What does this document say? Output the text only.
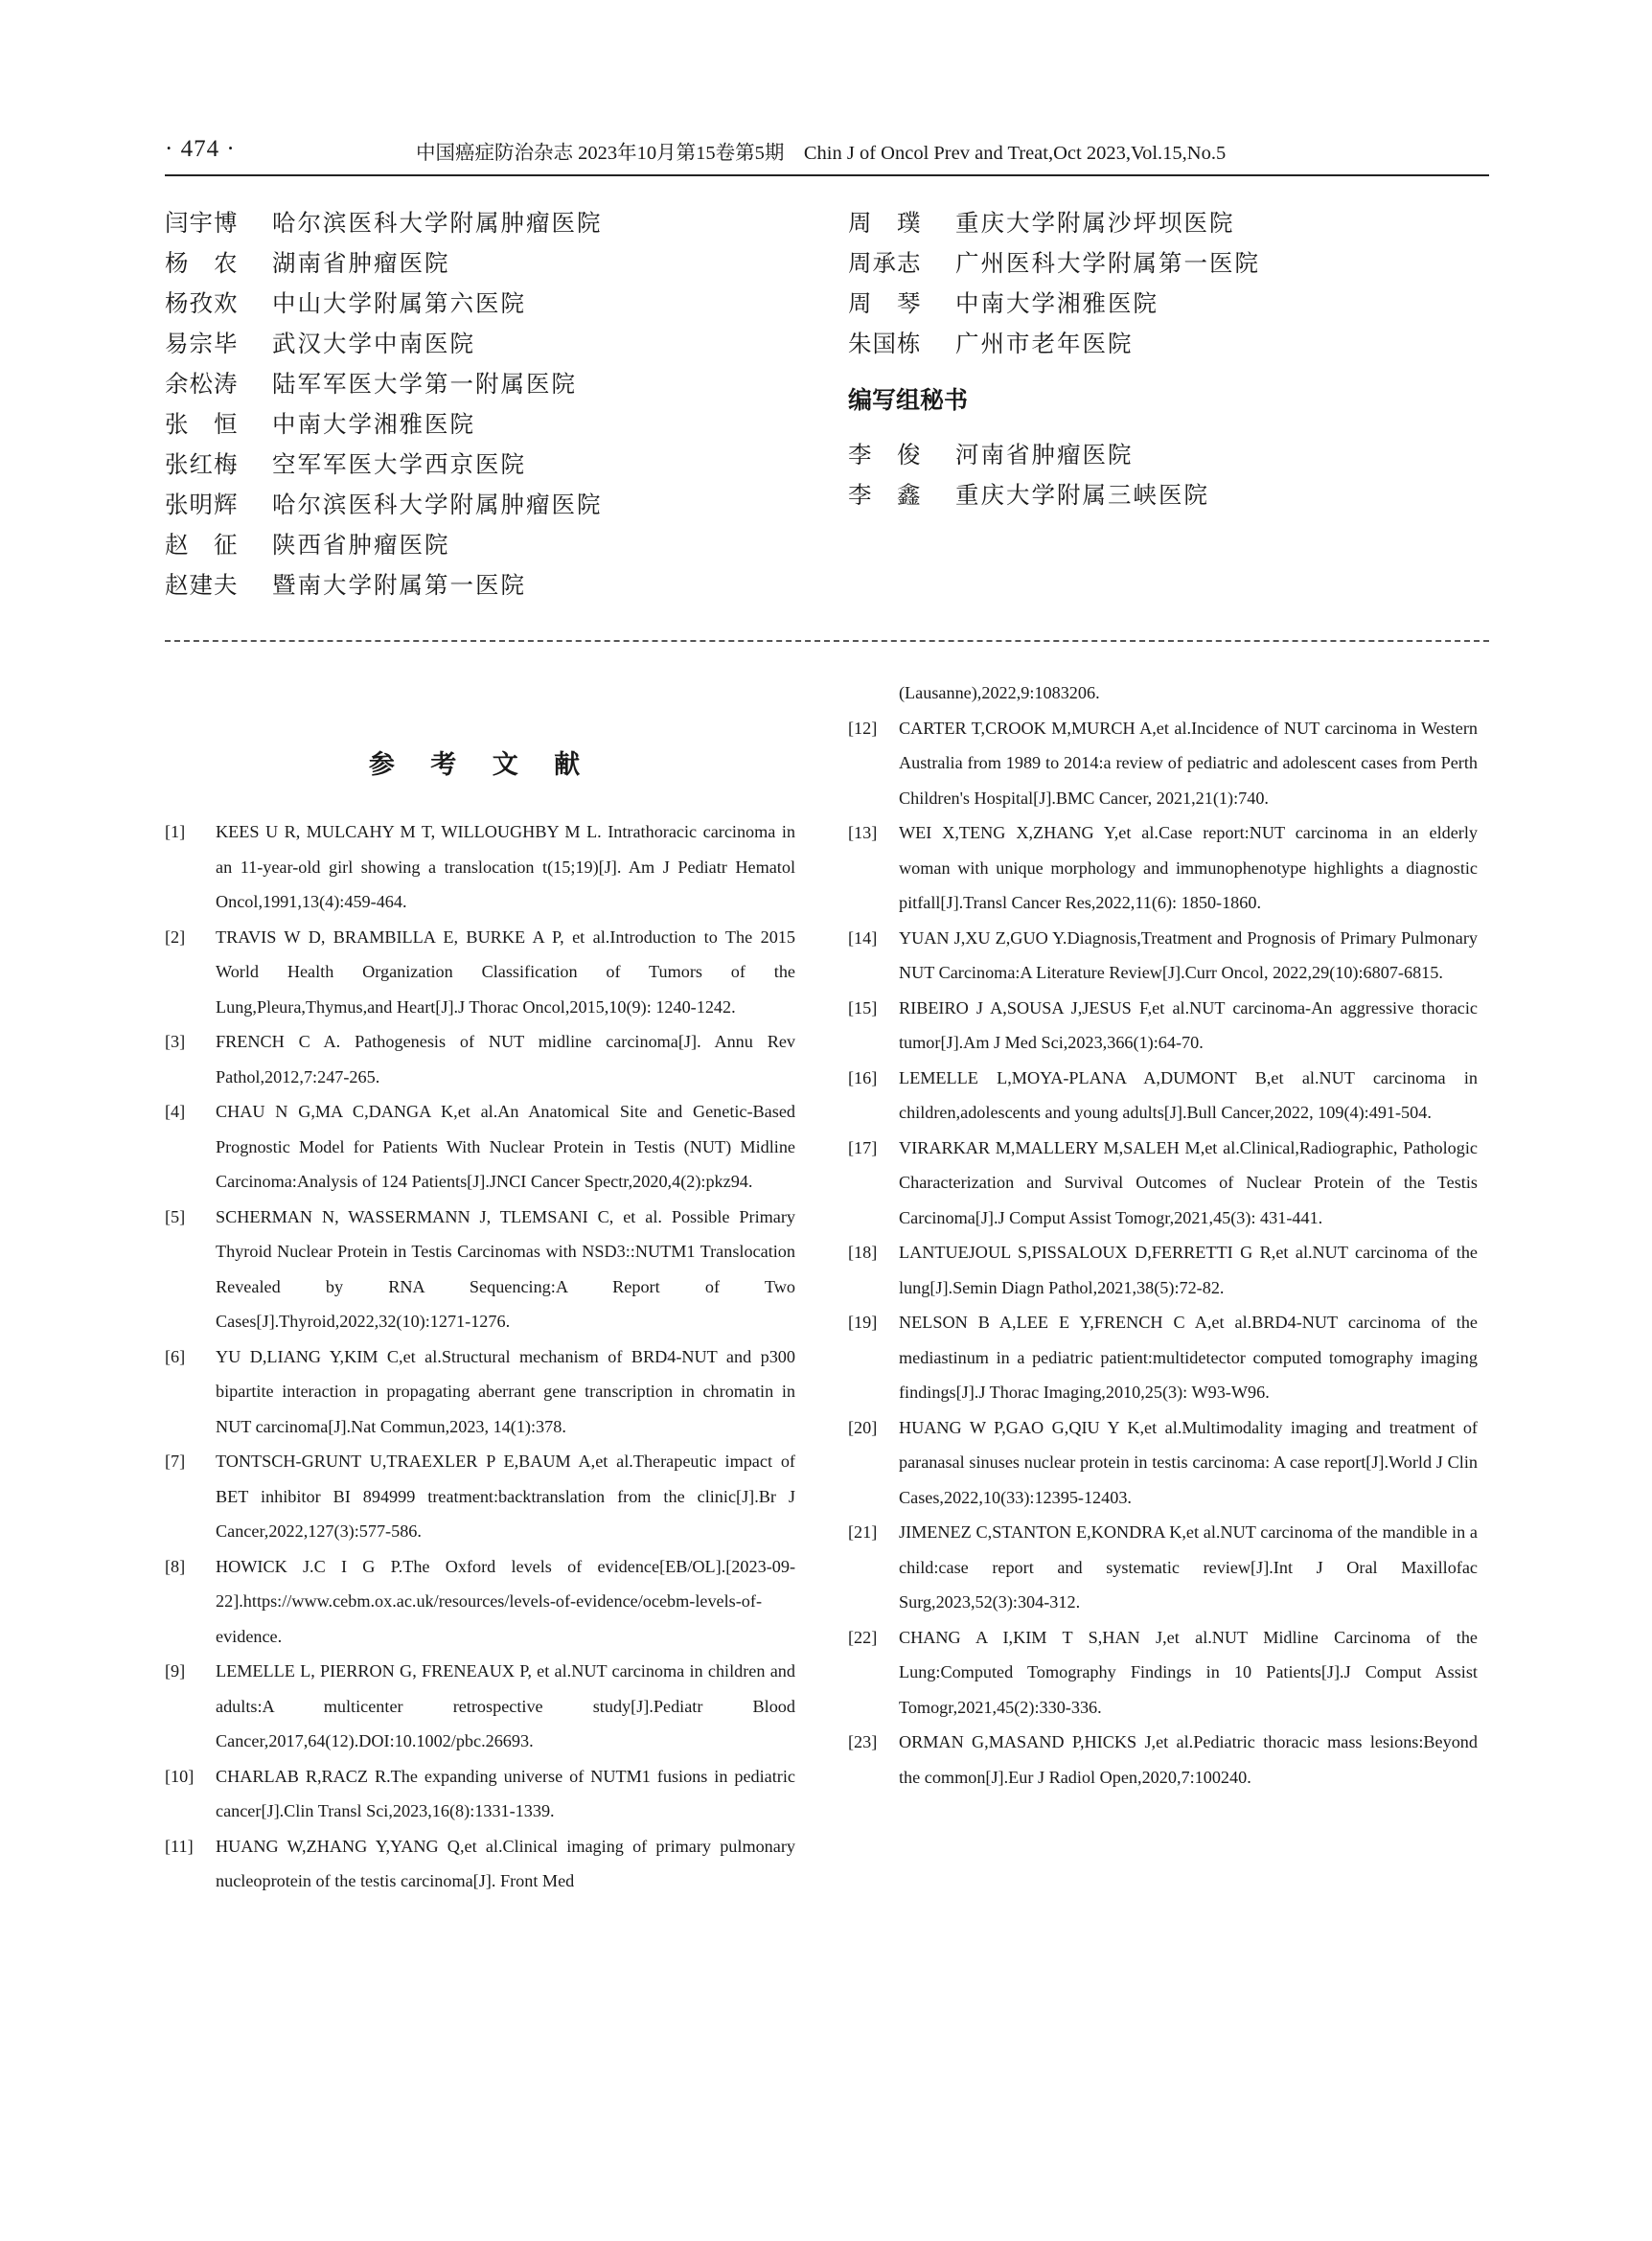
· 474 ·	中国癌症防治杂志 2023年10月第15卷第5期　Chin J of Oncol Prev and Treat,Oct 2023,Vol.15,No.5
闫宇博 哈尔滨医科大学附属肿瘤医院
杨　农 湖南省肿瘤医院
杨孜欢 中山大学附属第六医院
易宗毕 武汉大学中南医院
余松涛 陆军军医大学第一附属医院
张　恒 中南大学湘雅医院
张红梅 空军军医大学西京医院
张明辉 哈尔滨医科大学附属肿瘤医院
赵　征 陕西省肿瘤医院
赵建夫 暨南大学附属第一医院
周　璞 重庆大学附属沙坪坝医院
周承志 广州医科大学附属第一医院
周　琴 中南大学湘雅医院
朱国栋 广州市老年医院
编写组秘书
李　俊 河南省肿瘤医院
李　鑫 重庆大学附属三峡医院
参 考 文 献
[1] KEES U R, MULCAHY M T, WILLOUGHBY M L. Intrathoracic carcinoma in an 11-year-old girl showing a translocation t(15;19)[J]. Am J Pediatr Hematol Oncol,1991,13(4):459-464.
[2] TRAVIS W D, BRAMBILLA E, BURKE A P, et al.Introduction to The 2015 World Health Organization Classification of Tumors of the Lung,Pleura,Thymus,and Heart[J].J Thorac Oncol,2015,10(9): 1240-1242.
[3] FRENCH C A. Pathogenesis of NUT midline carcinoma[J]. Annu Rev Pathol,2012,7:247-265.
[4] CHAU N G,MA C,DANGA K,et al.An Anatomical Site and Genetic-Based Prognostic Model for Patients With Nuclear Protein in Testis (NUT) Midline Carcinoma:Analysis of 124 Patients[J].JNCI Cancer Spectr,2020,4(2):pkz94.
[5] SCHERMAN N, WASSERMANN J, TLEMSANI C, et al. Possible Primary Thyroid Nuclear Protein in Testis Carcinomas with NSD3::NUTM1 Translocation Revealed by RNA Sequencing:A Report of Two Cases[J].Thyroid,2022,32(10):1271-1276.
[6] YU D,LIANG Y,KIM C,et al.Structural mechanism of BRD4-NUT and p300 bipartite interaction in propagating aberrant gene transcription in chromatin in NUT carcinoma[J].Nat Commun,2023, 14(1):378.
[7] TONTSCH-GRUNT U,TRAEXLER P E,BAUM A,et al.Therapeutic impact of BET inhibitor BI 894999 treatment:backtranslation from the clinic[J].Br J Cancer,2022,127(3):577-586.
[8] HOWICK J.C I G P.The Oxford levels of evidence[EB/OL].[2023-09-22].https://www.cebm.ox.ac.uk/resources/levels-of-evidence/ocebm-levels-of-evidence.
[9] LEMELLE L, PIERRON G, FRENEAUX P, et al.NUT carcinoma in children and adults:A multicenter retrospective study[J].Pediatr Blood Cancer,2017,64(12).DOI:10.1002/pbc.26693.
[10] CHARLAB R,RACZ R.The expanding universe of NUTM1 fusions in pediatric cancer[J].Clin Transl Sci,2023,16(8):1331-1339.
[11] HUANG W,ZHANG Y,YANG Q,et al.Clinical imaging of primary pulmonary nucleoprotein of the testis carcinoma[J]. Front Med
(Lausanne),2022,9:1083206.
[12] CARTER T,CROOK M,MURCH A,et al.Incidence of NUT carcinoma in Western Australia from 1989 to 2014:a review of pediatric and adolescent cases from Perth Children's Hospital[J].BMC Cancer, 2021,21(1):740.
[13] WEI X,TENG X,ZHANG Y,et al.Case report:NUT carcinoma in an elderly woman with unique morphology and immunophenotype highlights a diagnostic pitfall[J].Transl Cancer Res,2022,11(6): 1850-1860.
[14] YUAN J,XU Z,GUO Y.Diagnosis,Treatment and Prognosis of Primary Pulmonary NUT Carcinoma:A Literature Review[J].Curr Oncol, 2022,29(10):6807-6815.
[15] RIBEIRO J A,SOUSA J,JESUS F,et al.NUT carcinoma-An aggressive thoracic tumor[J].Am J Med Sci,2023,366(1):64-70.
[16] LEMELLE L,MOYA-PLANA A,DUMONT B,et al.NUT carcinoma in children,adolescents and young adults[J].Bull Cancer,2022, 109(4):491-504.
[17] VIRARKAR M,MALLERY M,SALEH M,et al.Clinical,Radiographic, Pathologic Characterization and Survival Outcomes of Nuclear Protein of the Testis Carcinoma[J].J Comput Assist Tomogr,2021,45(3): 431-441.
[18] LANTUEJOUL S,PISSALOUX D,FERRETTI G R,et al.NUT carcinoma of the lung[J].Semin Diagn Pathol,2021,38(5):72-82.
[19] NELSON B A,LEE E Y,FRENCH C A,et al.BRD4-NUT carcinoma of the mediastinum in a pediatric patient:multidetector computed tomography imaging findings[J].J Thorac Imaging,2010,25(3): W93-W96.
[20] HUANG W P,GAO G,QIU Y K,et al.Multimodality imaging and treatment of paranasal sinuses nuclear protein in testis carcinoma: A case report[J].World J Clin Cases,2022,10(33):12395-12403.
[21] JIMENEZ C,STANTON E,KONDRA K,et al.NUT carcinoma of the mandible in a child:case report and systematic review[J].Int J Oral Maxillofac Surg,2023,52(3):304-312.
[22] CHANG A I,KIM T S,HAN J,et al.NUT Midline Carcinoma of the Lung:Computed Tomography Findings in 10 Patients[J].J Comput Assist Tomogr,2021,45(2):330-336.
[23] ORMAN G,MASAND P,HICKS J,et al.Pediatric thoracic mass lesions:Beyond the common[J].Eur J Radiol Open,2020,7:100240.
